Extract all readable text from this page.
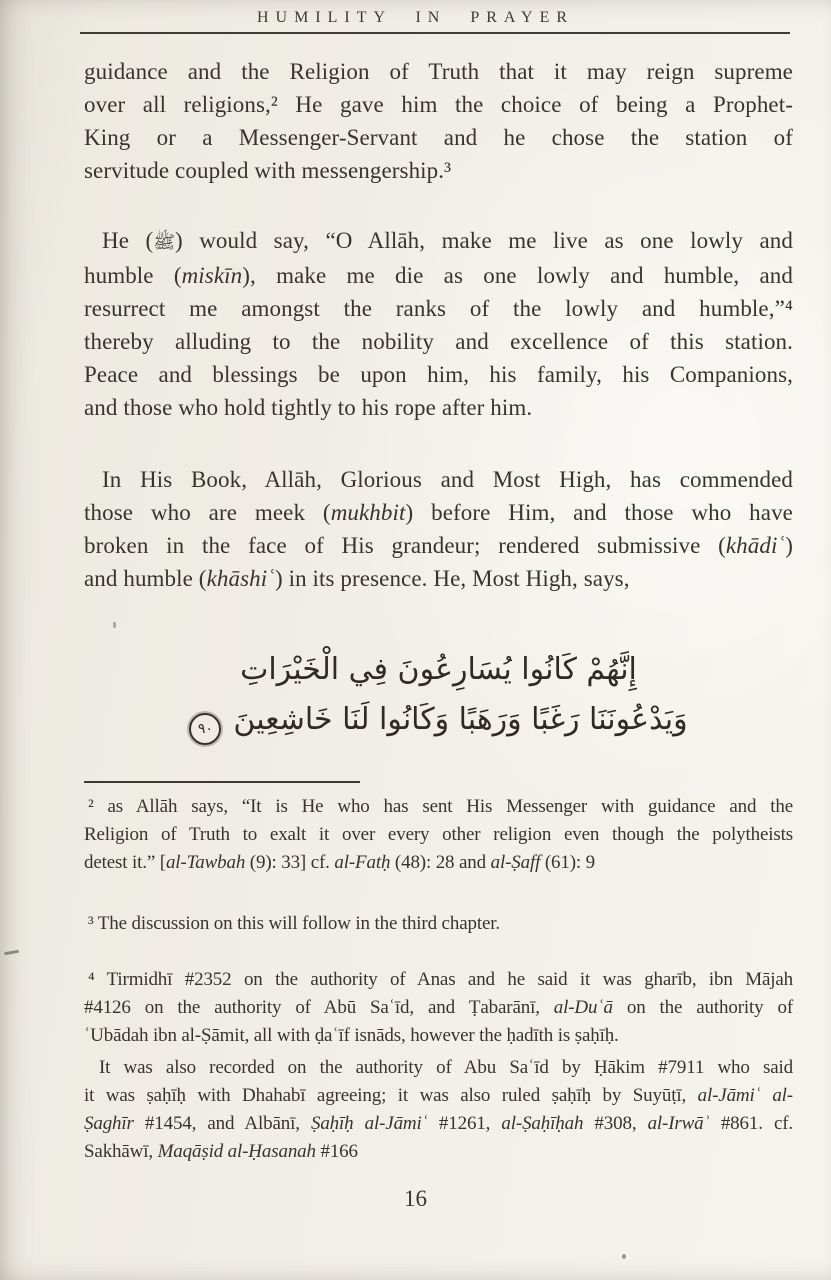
HUMILITY IN PRAYER
guidance and the Religion of Truth that it may reign supreme
over all religions,² He gave him the choice of being a Prophet-
King or a Messenger-Servant and he chose the station of
servitude coupled with messengership.³
He (ﷺ) would say, “O Allāh, make me live as one lowly and
humble (miskīn), make me die as one lowly and humble, and
resurrect me amongst the ranks of the lowly and humble,”⁴
thereby alluding to the nobility and excellence of this station.
Peace and blessings be upon him, his family, his Companions,
and those who hold tightly to his rope after him.
In His Book, Allāh, Glorious and Most High, has commended
those who are meek (mukhbit) before Him, and those who have
broken in the face of His grandeur; rendered submissive (khādiʿ)
and humble (khāshiʿ) in its presence. He, Most High, says,
إِنَّهُمْ كَانُوا يُسَارِعُونَ فِي الْخَيْرَاتِ
وَيَدْعُونَنَا رَغَبًا وَرَهَبًا وَكَانُوا لَنَا خَاشِعِينَ
٩٠
² as Allāh says, “It is He who has sent His Messenger with guidance and the
Religion of Truth to exalt it over every other religion even though the polytheists
detest it.” [al-Tawbah (9): 33] cf. al-Fatḥ (48): 28 and al-Ṣaff (61): 9
³ The discussion on this will follow in the third chapter.
⁴ Tirmidhī #2352 on the authority of Anas and he said it was gharīb, ibn Mājah
#4126 on the authority of Abū Saʿīd, and Ṭabarānī, al-Duʿā on the authority of
ʿUbādah ibn al-Ṣāmit, all with ḍaʿīf isnāds, however the ḥadīth is ṣaḥīḥ.
It was also recorded on the authority of Abu Saʿīd by Ḥākim #7911 who said
it was ṣaḥīḥ with Dhahabī agreeing; it was also ruled ṣaḥīḥ by Suyūṭī, al-Jāmiʿ al-
Ṣaghīr #1454, and Albānī, Ṣaḥīḥ al-Jāmiʿ #1261, al-Ṣaḥīḥah #308, al-Irwāʾ #861. cf.
Sakhāwī, Maqāṣid al-Ḥasanah #166
16
